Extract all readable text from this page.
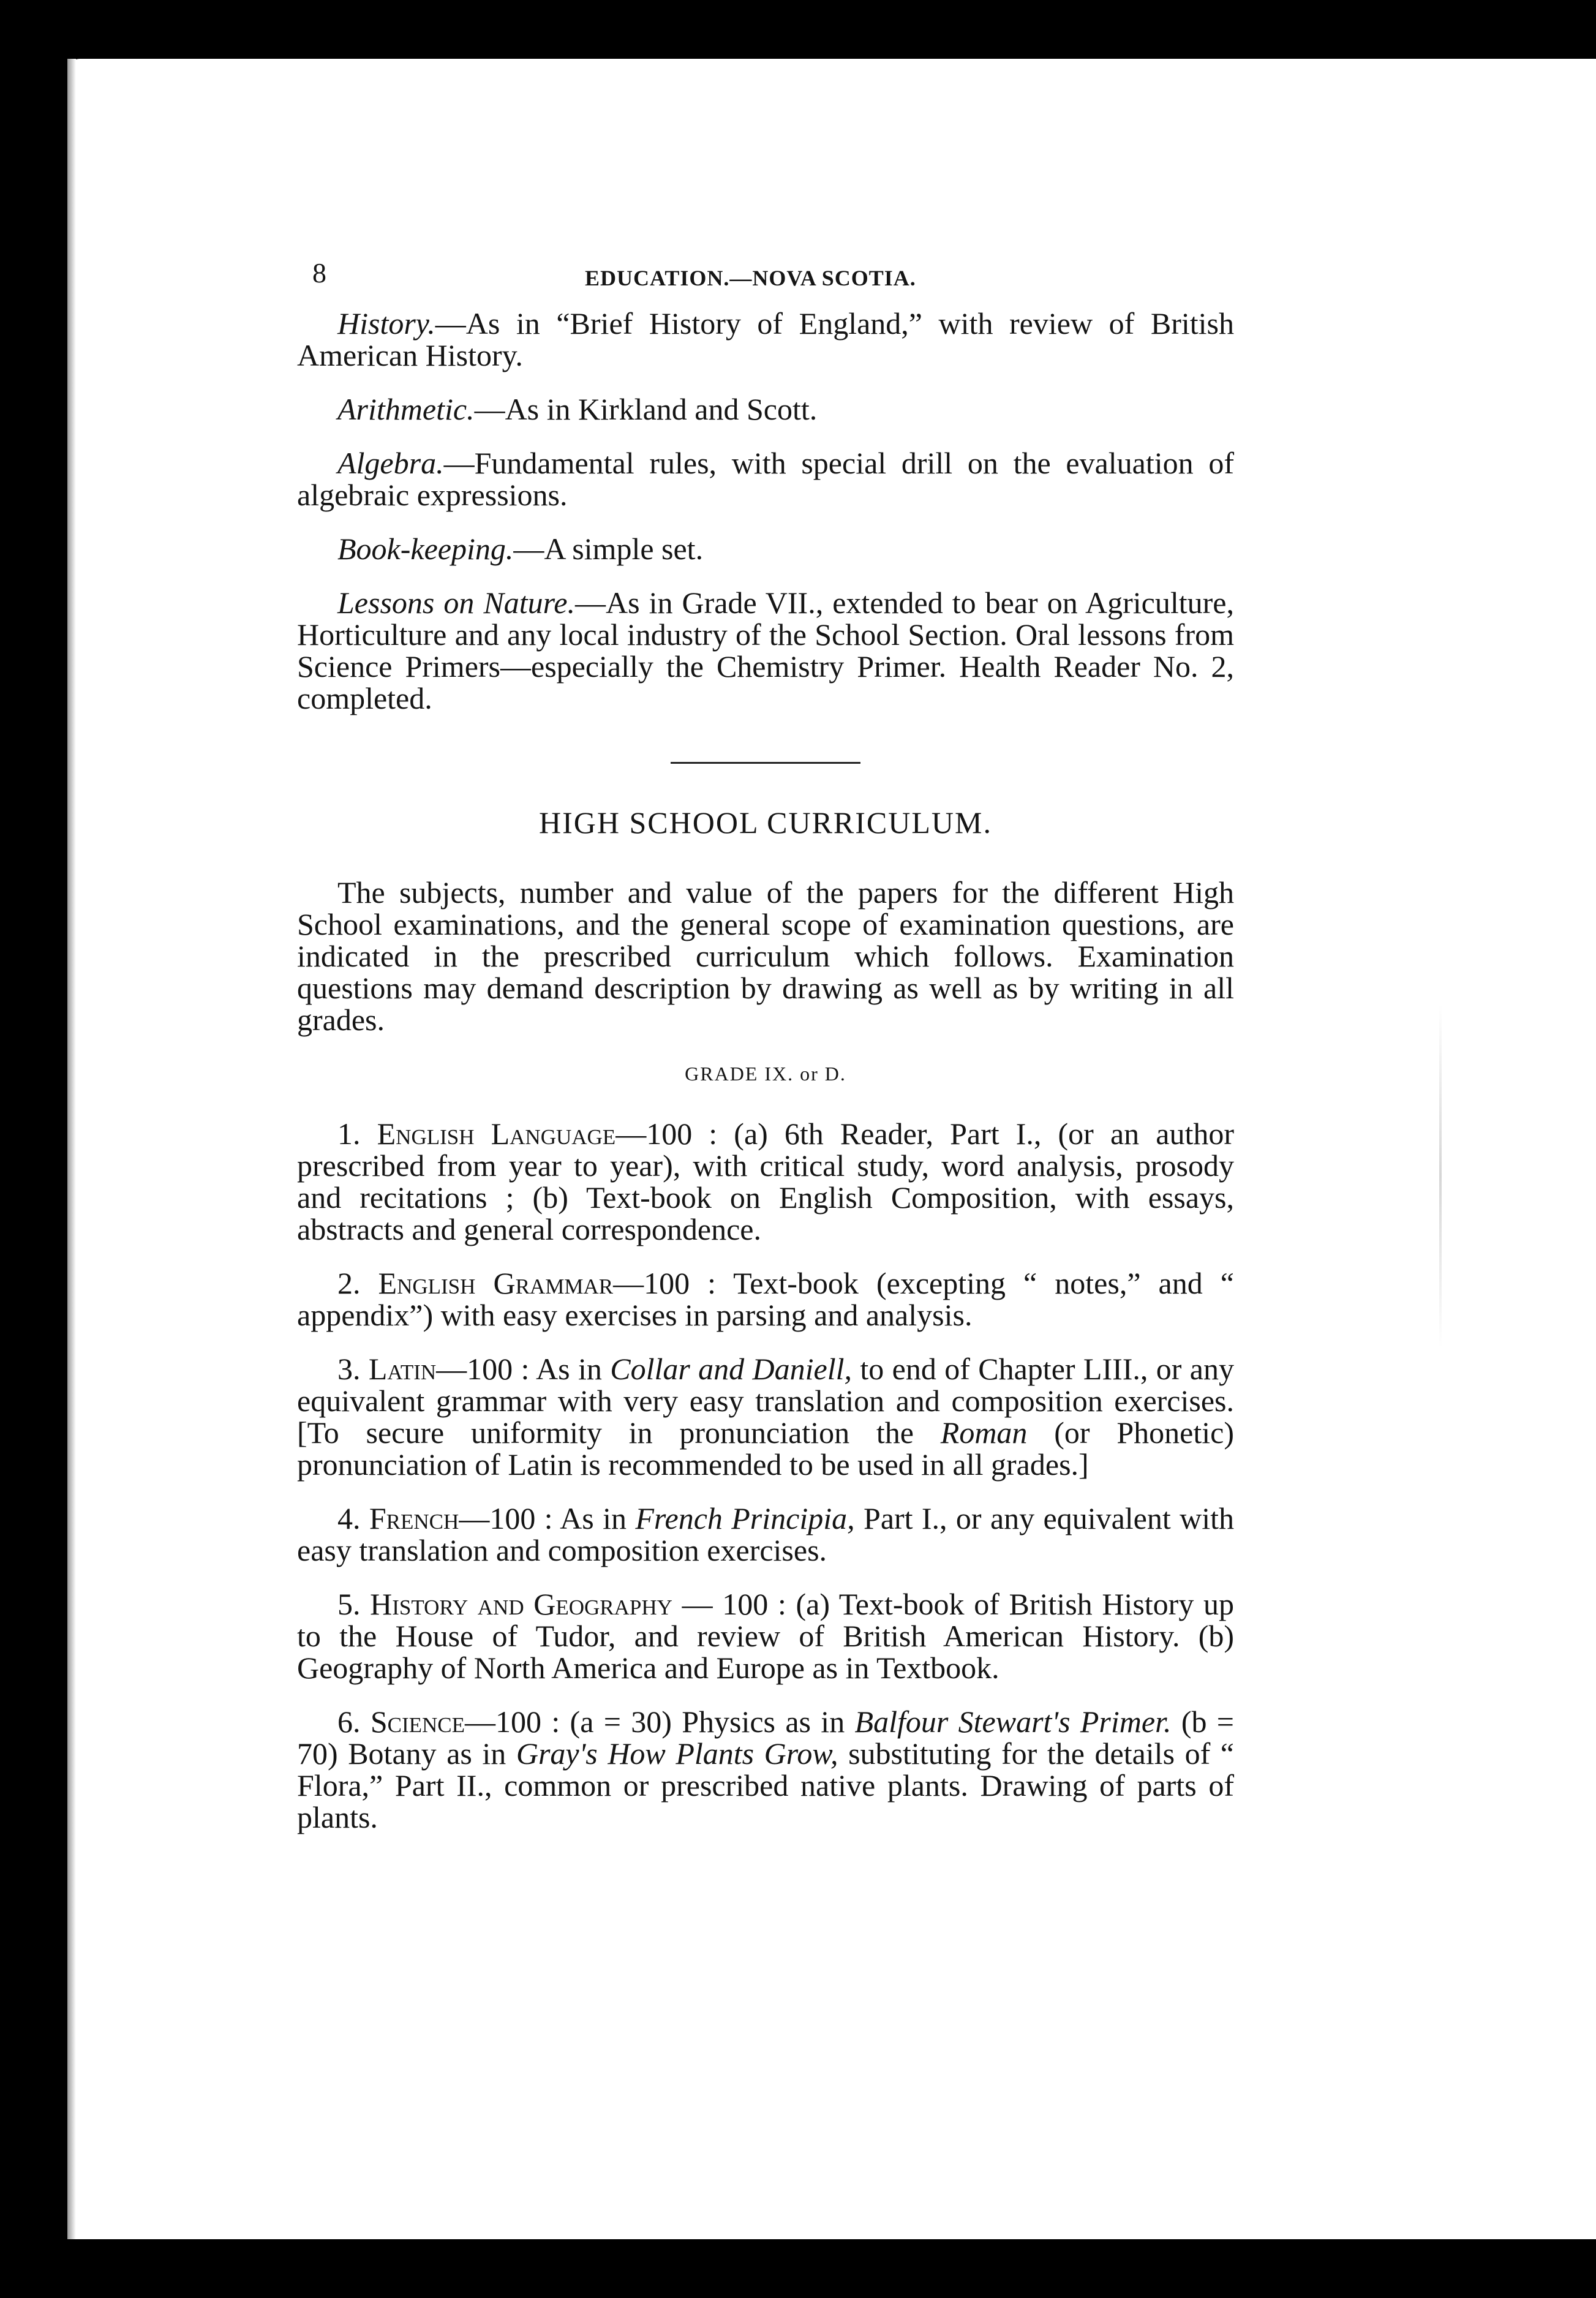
8	EDUCATION.—NOVA SCOTIA.

History.—As in “Brief History of England,” with review of British American History.

Arithmetic.—As in Kirkland and Scott.

Algebra.—Fundamental rules, with special drill on the evaluation of algebraic expressions.

Book-keeping.—A simple set.

Lessons on Nature.—As in Grade VII., extended to bear on Agriculture, Horticulture and any local industry of the School Section. Oral lessons from Science Primers—especially the Chemistry Primer. Health Reader No. 2, completed.

HIGH SCHOOL CURRICULUM.

The subjects, number and value of the papers for the different High School examinations, and the general scope of examination questions, are indicated in the prescribed curriculum which follows. Examination questions may demand description by drawing as well as by writing in all grades.

GRADE IX. or D.

1. English Language—100 : (a) 6th Reader, Part I., (or an author prescribed from year to year), with critical study, word analysis, prosody and recitations ; (b) Text-book on English Composition, with essays, abstracts and general correspondence.

2. English Grammar—100 : Text-book (excepting “ notes,” and “ appendix”) with easy exercises in parsing and analysis.

3. Latin—100 : As in Collar and Daniell, to end of Chapter LIII., or any equivalent grammar with very easy translation and composition exercises. [To secure uniformity in pronunciation the Roman (or Phonetic) pronunciation of Latin is recommended to be used in all grades.]

4. French—100 : As in French Principia, Part I., or any equivalent with easy translation and composition exercises.

5. History and Geography — 100 : (a) Text-book of British History up to the House of Tudor, and review of British American History. (b) Geography of North America and Europe as in Textbook.

6. Science—100 : (a = 30) Physics as in Balfour Stewart's Primer. (b = 70) Botany as in Gray's How Plants Grow, substituting for the details of “ Flora,” Part II., common or prescribed native plants. Drawing of parts of plants.
